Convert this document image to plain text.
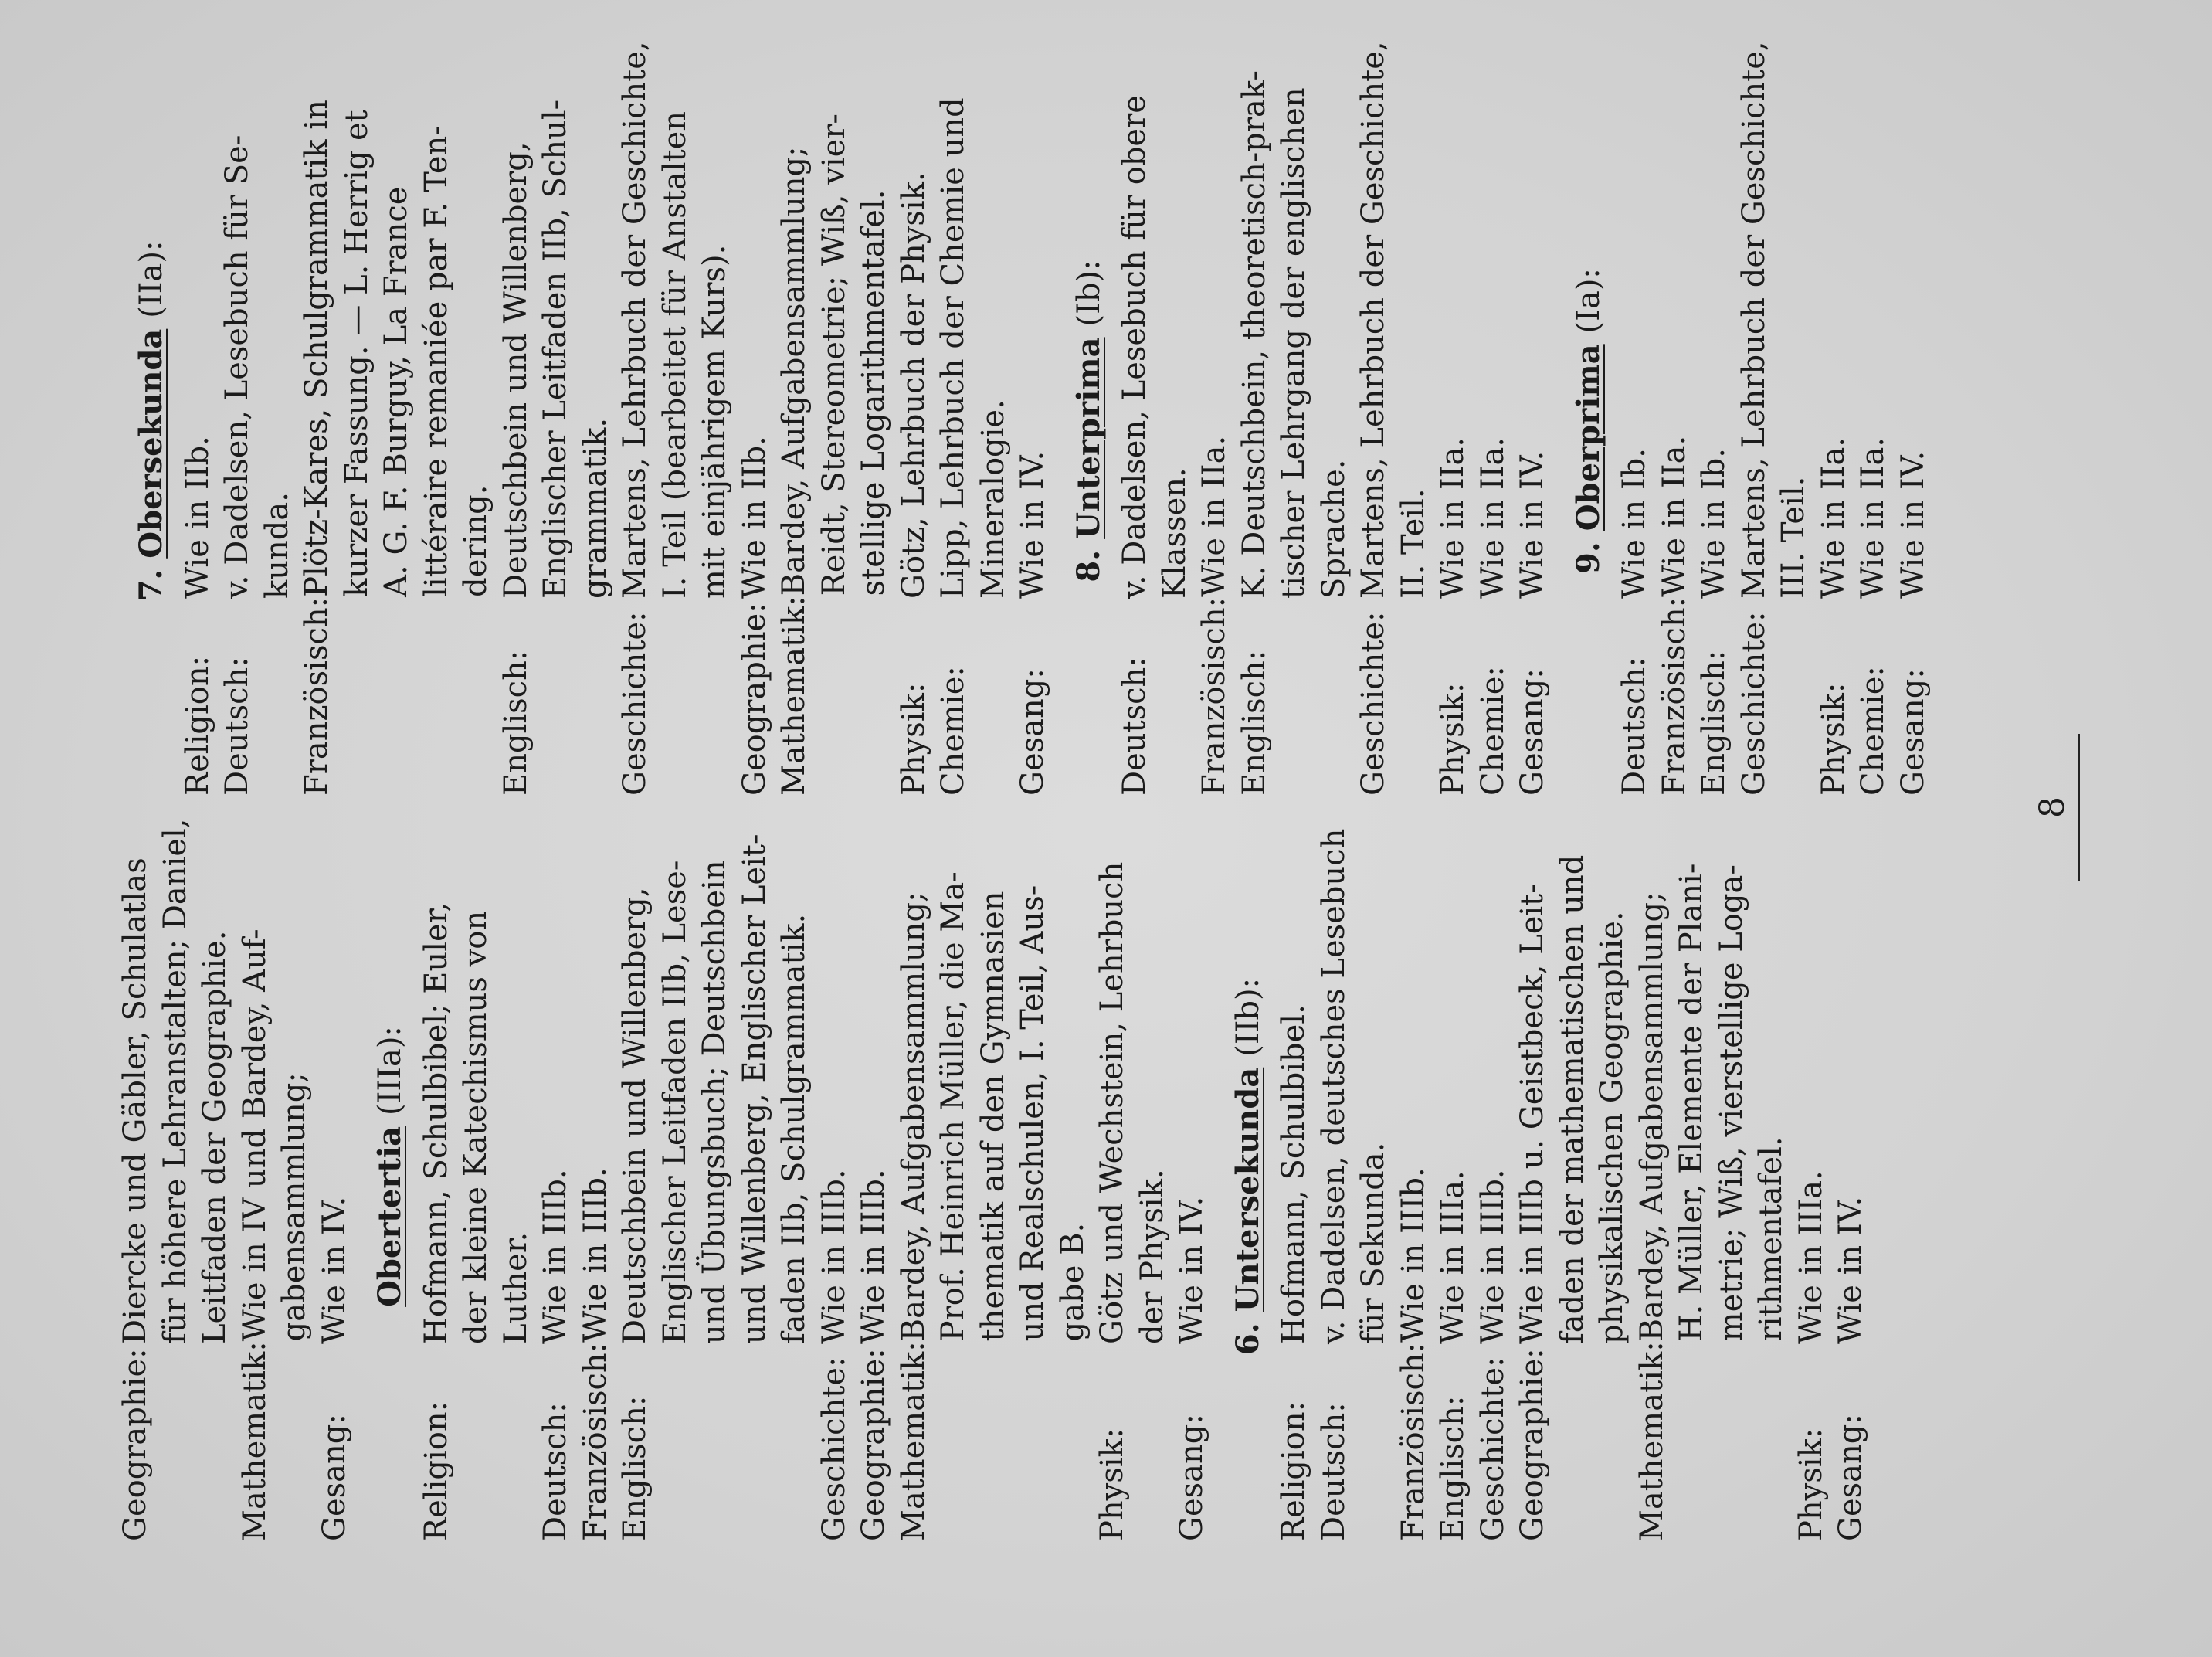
8
Geographie:
Diercke und Gäbler, Schulatlas für höhere Lehranstalten; Daniel, Leitfaden der Geographie.
Mathematik:
Wie in IV und Bardey, Auf- gabensammlung;
Gesang:
Wie in IV. Obertertia (IIIa):
Religion:
Hofmann, Schulbibel; Euler, der kleine Katechismus von Luther.
Deutsch:
Wie in IIIb.
Französisch:
Wie in IIIb.
Englisch:
Deutschbein und Willenberg, Englischer Leitfaden IIb, Lese- und Übungsbuch; Deutschbein und Willenberg, Englischer Leit- faden IIb, Schulgrammatik.
Geschichte:
Wie in IIIb.
Geographie:
Wie in IIIb.
Mathematik:
Bardey, Aufgabensammlung; Prof. Heinrich Müller, die Ma- thematik auf den Gymnasien und Realschulen, I. Teil, Aus- gabe B.
Physik:
Götz und Wechstein, Lehrbuch der Physik.
Gesang:
Wie in IV. 6. Untersekunda (IIb):
Religion:
Hofmann, Schulbibel.
Deutsch:
v. Dadelsen, deutsches Lesebuch für Sekunda.
Französisch:
Wie in IIIb.
Englisch:
Wie in IIIa.
Geschichte:
Wie in IIIb.
Geographie:
Wie in IIIb u. Geistbeck, Leit- faden der mathematischen und physikalischen Geographie.
Mathematik:
Bardey, Aufgabensammlung; H. Müller, Elemente der Plani- metrie; Wiß, vierstellige Loga- rithmentafel.
Physik:
Wie in IIIa.
Gesang:
Wie in IV.
7. Obersekunda (IIa):
Religion:
Wie in IIb.
Deutsch:
v. Dadelsen, Lesebuch für Se- kunda.
Französisch:
Plötz-Kares, Schulgrammatik in kurzer Fassung. — L. Herrig et A. G. F. Burguy, La France littéraire remaniée par F. Ten- dering.
Englisch:
Deutschbein und Willenberg, Englischer Leitfaden IIb, Schul- grammatik.
Geschichte:
Martens, Lehrbuch der Geschichte, I. Teil (bearbeitet für Anstalten mit einjährigem Kurs).
Geographie:
Wie in IIb.
Mathematik:
Bardey, Aufgabensammlung; Reidt, Stereometrie; Wiß, vier- stellige Logarithmentafel.
Physik:
Götz, Lehrbuch der Physik.
Chemie:
Lipp, Lehrbuch der Chemie und Mineralogie.
Gesang:
Wie in IV. 8. Unterprima (Ib):
Deutsch:
v. Dadelsen, Lesebuch für obere Klassen.
Französisch:
Wie in IIa.
Englisch:
K. Deutschbein, theoretisch-prak- tischer Lehrgang der englischen Sprache.
Geschichte:
Martens, Lehrbuch der Geschichte, II. Teil.
Physik:
Wie in IIa.
Chemie:
Wie in IIa.
Gesang:
Wie in IV. 9. Oberprima (Ia):
Deutsch:
Wie in Ib.
Französisch:
Wie in IIa.
Englisch:
Wie in Ib.
Geschichte:
Martens, Lehrbuch der Geschichte, III. Teil.
Physik:
Wie in IIa.
Chemie:
Wie in IIa.
Gesang:
Wie in IV.
